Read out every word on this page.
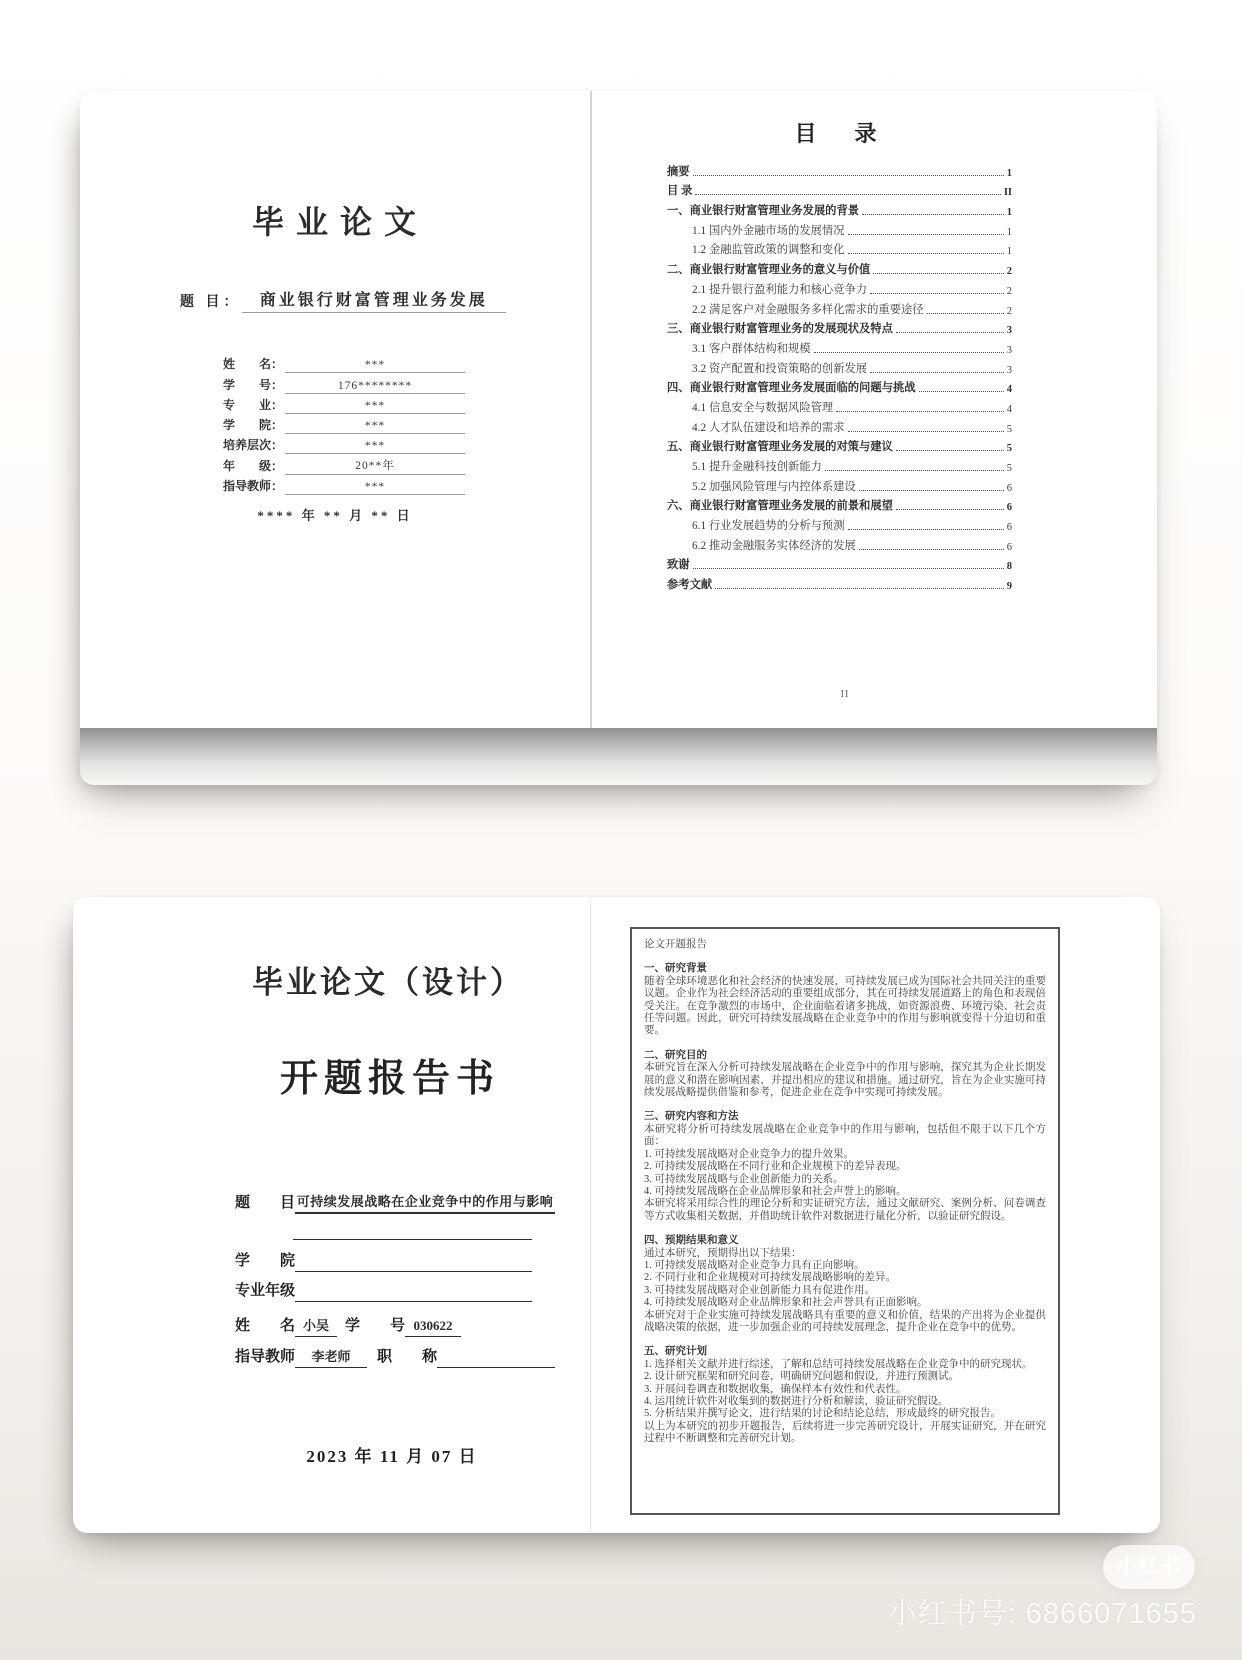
毕 业 论 文
题 目：	商业银行财富管理业务发展
姓　　名：	***
学　　号：	176********
专　　业：	***
学　　院：	***
培养层次：	***
年　　级：	20**年
指导教师：	***
**** 年 ** 月 ** 日
目　录
摘要	1
目 录	II
一、商业银行财富管理业务发展的背景	1
1.1 国内外金融市场的发展情况	1
1.2 金融监管政策的调整和变化	1
二、商业银行财富管理业务的意义与价值	2
2.1 提升银行盈利能力和核心竞争力	2
2.2 满足客户对金融服务多样化需求的重要途径	2
三、商业银行财富管理业务的发展现状及特点	3
3.1 客户群体结构和规模	3
3.2 资产配置和投资策略的创新发展	3
四、商业银行财富管理业务发展面临的问题与挑战	4
4.1 信息安全与数据风险管理	4
4.2 人才队伍建设和培养的需求	5
五、商业银行财富管理业务发展的对策与建议	5
5.1 提升金融科技创新能力	5
5.2 加强风险管理与内控体系建设	6
六、商业银行财富管理业务发展的前景和展望	6
6.1 行业发展趋势的分析与预测	6
6.2 推动金融服务实体经济的发展	6
致谢	8
参考文献	9
II
毕业论文（设计）
开题报告书
题　　目 可持续发展战略在企业竞争中的作用与影响
学　　院
专业年级
姓　　名 小吴	学　　号 030622
指导教师	李老师	职　　称
2023 年 11 月 07 日
论文开题报告
一、研究背景
随着全球环境恶化和社会经济的快速发展，可持续发展已成为国际社会共同关注的重要议题。企业作为社会经济活动的重要组成部分，其在可持续发展道路上的角色和表现倍受关注。在竞争激烈的市场中，企业面临着诸多挑战，如资源浪费、环境污染、社会责任等问题。因此，研究可持续发展战略在企业竞争中的作用与影响就变得十分迫切和重要。
二、研究目的
本研究旨在深入分析可持续发展战略在企业竞争中的作用与影响，探究其为企业长期发展的意义和潜在影响因素，并提出相应的建议和措施。通过研究，旨在为企业实施可持续发展战略提供借鉴和参考，促进企业在竞争中实现可持续发展。
三、研究内容和方法
本研究将分析可持续发展战略在企业竞争中的作用与影响，包括但不限于以下几个方面：
1. 可持续发展战略对企业竞争力的提升效果。
2. 可持续发展战略在不同行业和企业规模下的差异表现。
3. 可持续发展战略与企业创新能力的关系。
4. 可持续发展战略在企业品牌形象和社会声誉上的影响。
本研究将采用综合性的理论分析和实证研究方法，通过文献研究、案例分析、问卷调查等方式收集相关数据，并借助统计软件对数据进行量化分析，以验证研究假设。
四、预期结果和意义
通过本研究，预期得出以下结果：
1. 可持续发展战略对企业竞争力具有正向影响。
2. 不同行业和企业规模对可持续发展战略影响的差异。
3. 可持续发展战略对企业创新能力具有促进作用。
4. 可持续发展战略对企业品牌形象和社会声誉具有正面影响。
本研究对于企业实施可持续发展战略具有重要的意义和价值，结果的产出将为企业提供战略决策的依据，进一步加强企业的可持续发展理念，提升企业在竞争中的优势。
五、研究计划
1. 选择相关文献并进行综述，了解和总结可持续发展战略在企业竞争中的研究现状。
2. 设计研究框架和研究问卷，明确研究问题和假设，并进行预测试。
3. 开展问卷调查和数据收集，确保样本有效性和代表性。
4. 运用统计软件对收集到的数据进行分析和解读，验证研究假设。
5. 分析结果并撰写论文，进行结果的讨论和结论总结，形成最终的研究报告。
以上为本研究的初步开题报告，后续将进一步完善研究设计，开展实证研究，并在研究过程中不断调整和完善研究计划。
小红书
小红书号: 6866071655
